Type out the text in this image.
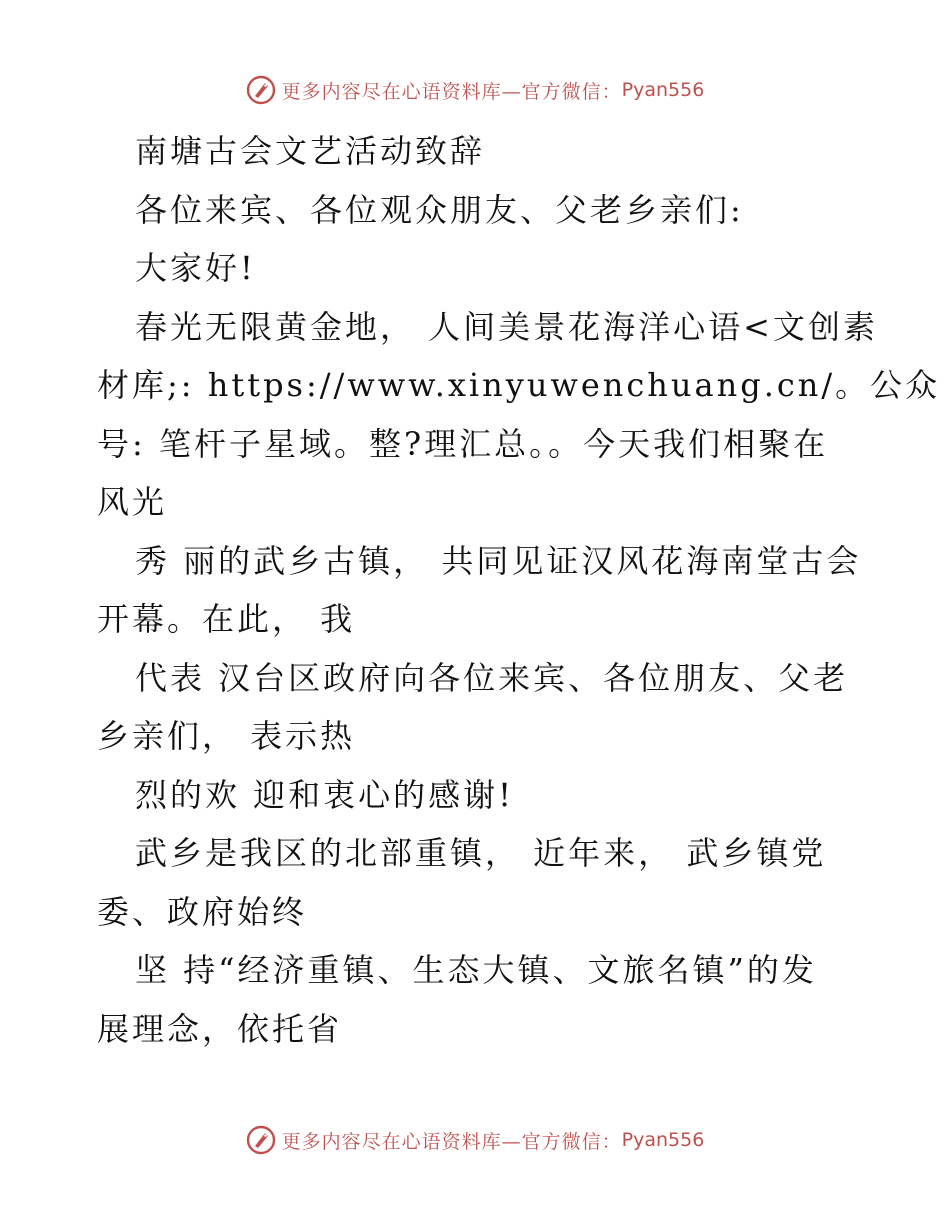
更多内容尽在心语资料库—官方微信： Pyan556
南塘古会文艺活动致辞
各位来宾、各位观众朋友、父老乡亲们:
大家好!
春光无限黄金地， 人间美景花海洋心语<文创素
材库;: https://www.xinyuwenchuang.cn/。公众
号: 笔杆子星域。整?理汇总。。今天我们相聚在
风光
秀 丽的武乡古镇， 共同见证汉风花海南堂古会
开幕。在此， 我
代表 汉台区政府向各位来宾、各位朋友、父老
乡亲们， 表示热
烈的欢 迎和衷心的感谢!
武乡是我区的北部重镇， 近年来， 武乡镇党
委、政府始终
坚 持“经济重镇、生态大镇、文旅名镇”的发
展理念，依托省
更多内容尽在心语资料库—官方微信： Pyan556
